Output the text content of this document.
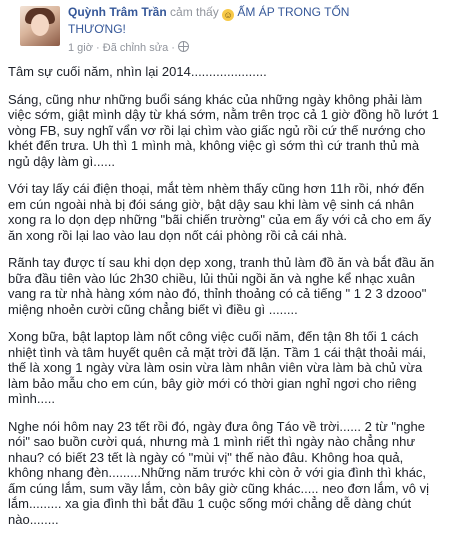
Quỳnh Trâm Trần cảm thấy ☺ ẤM ÁP TRONG TỐN
THƯƠNG!
1 giờ · Đã chỉnh sửa ·

Tâm sự cuối năm, nhìn lại 2014.....................

Sáng, cũng như những buổi sáng khác của những ngày không phải làm
việc sớm, giật mình dậy từ khá sớm, nằm trên trọc cả 1 giờ đồng hồ lướt 1
vòng FB, suy nghĩ vẩn vơ rồi lại chìm vào giấc ngủ rồi cứ thế nướng cho
khét đến trưa. Uh thì 1 mình mà, không việc gì sớm thì cứ tranh thủ mà
ngủ dậy làm gì......

Với tay lấy cái điện thoại, mắt tèm nhèm thấy cũng hơn 11h rồi, nhớ đến
em cún ngoài nhà bị đói sáng giờ, bật dậy sau khi làm vệ sinh cá nhân
xong ra lo dọn dẹp những "bãi chiến trường" của em ấy với cả cho em ấy
ăn xong rồi lại lao vào lau dọn nốt cái phòng rồi cả cái nhà.

Rãnh tay được tí sau khi dọn dẹp xong, tranh thủ làm đồ ăn và bắt đầu ăn
bữa đầu tiên vào lúc 2h30 chiều, lủi thủi ngồi ăn và nghe kể nhạc xuân
vang ra từ nhà hàng xóm nào đó, thỉnh thoảng có cả tiếng " 1 2 3 dzooo"
miệng nhoẻn cười cũng chẳng biết vì điều gì ........

Xong bữa, bật laptop làm nốt công việc cuối năm, đến tận 8h tối 1 cách
nhiệt tình và tâm huyết quên cả mặt trời đã lặn. Tầm 1 cái thật thoải mái,
thế là xong 1 ngày vừa làm osin vừa làm nhân viên vừa làm bà chủ vừa
làm bảo mẫu cho em cún, bây giờ mới có thời gian nghỉ ngơi cho riêng
mình.....

Nghe nói hôm nay 23 tết rồi đó, ngày đưa ông Táo về trời...... 2 từ "nghe
nói" sao buồn cười quá, nhưng mà 1 mình riết thì ngày nào chẳng như
nhau? có biết 23 tết là ngày có "mùi vị" thế nào đâu. Không hoa quả,
không nhang đèn.........Những năm trước khi còn ở với gia đình thì khác,
ấm cúng lắm, sum vầy lắm, còn bây giờ cũng khác..... neo đơn lắm, vô vị
lắm......... xa gia đình thì bắt đầu 1 cuộc sống mới chẳng dễ dàng chút
nào........
